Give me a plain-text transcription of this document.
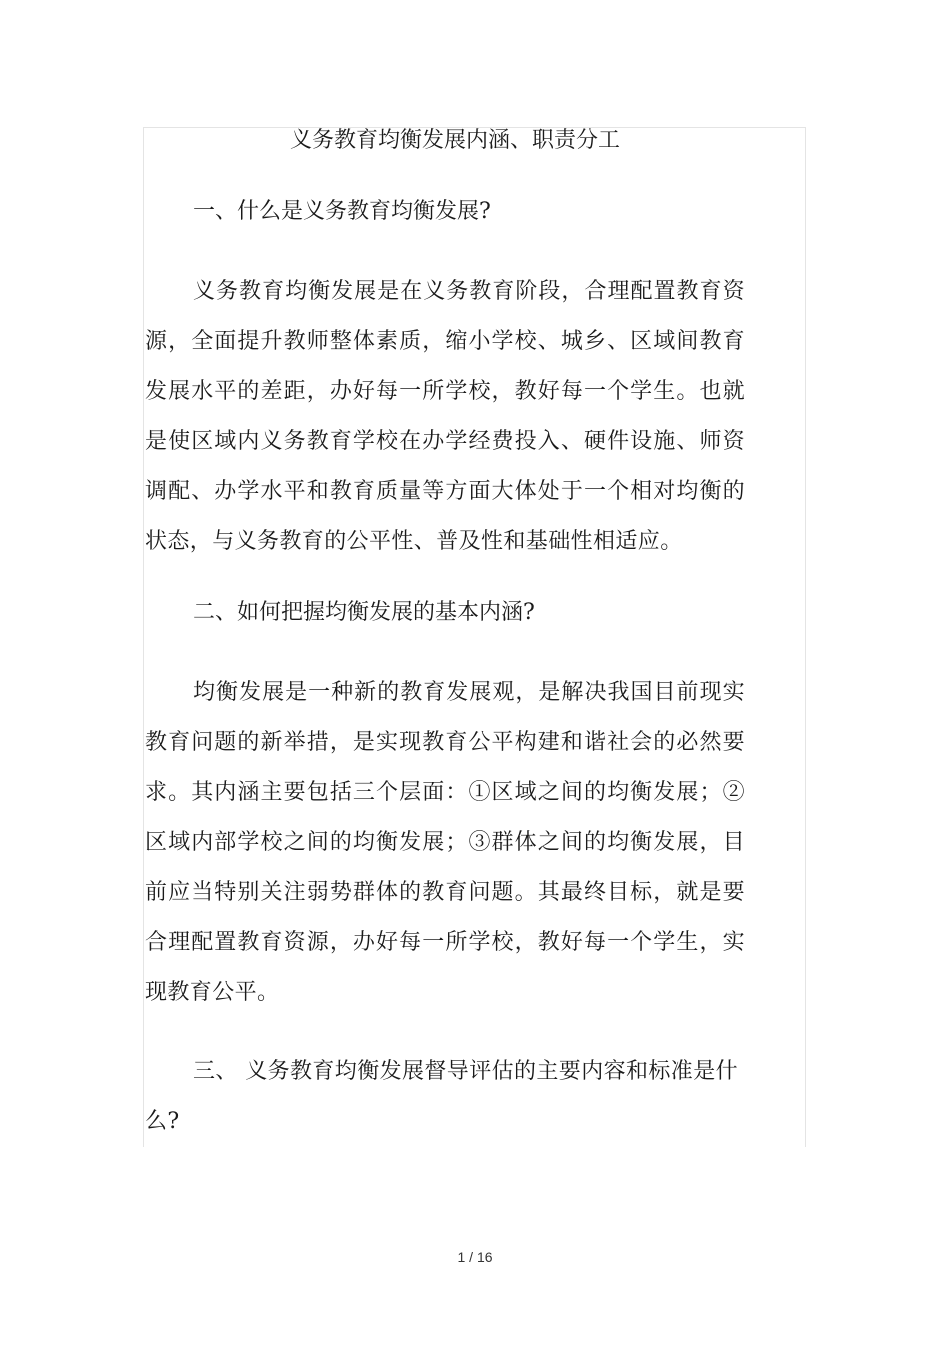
义务教育均衡发展内涵、职责分工
一、什么是义务教育均衡发展?

义务教育均衡发展是在义务教育阶段，合理配置教育资源，全面提升教师整体素质，缩小学校、城乡、区域间教育发展水平的差距，办好每一所学校，教好每一个学生。也就是使区域内义务教育学校在办学经费投入、硬件设施、师资调配、办学水平和教育质量等方面大体处于一个相对均衡的状态，与义务教育的公平性、普及性和基础性相适应。

二、如何把握均衡发展的基本内涵?

均衡发展是一种新的教育发展观，是解决我国目前现实教育问题的新举措，是实现教育公平构建和谐社会的必然要求。其内涵主要包括三个层面：①区域之间的均衡发展；②区域内部学校之间的均衡发展；③群体之间的均衡发展，目前应当特别关注弱势群体的教育问题。其最终目标，就是要合理配置教育资源，办好每一所学校，教好每一个学生，实现教育公平。

三、 义务教育均衡发展督导评估的主要内容和标准是什么?

1 / 16
